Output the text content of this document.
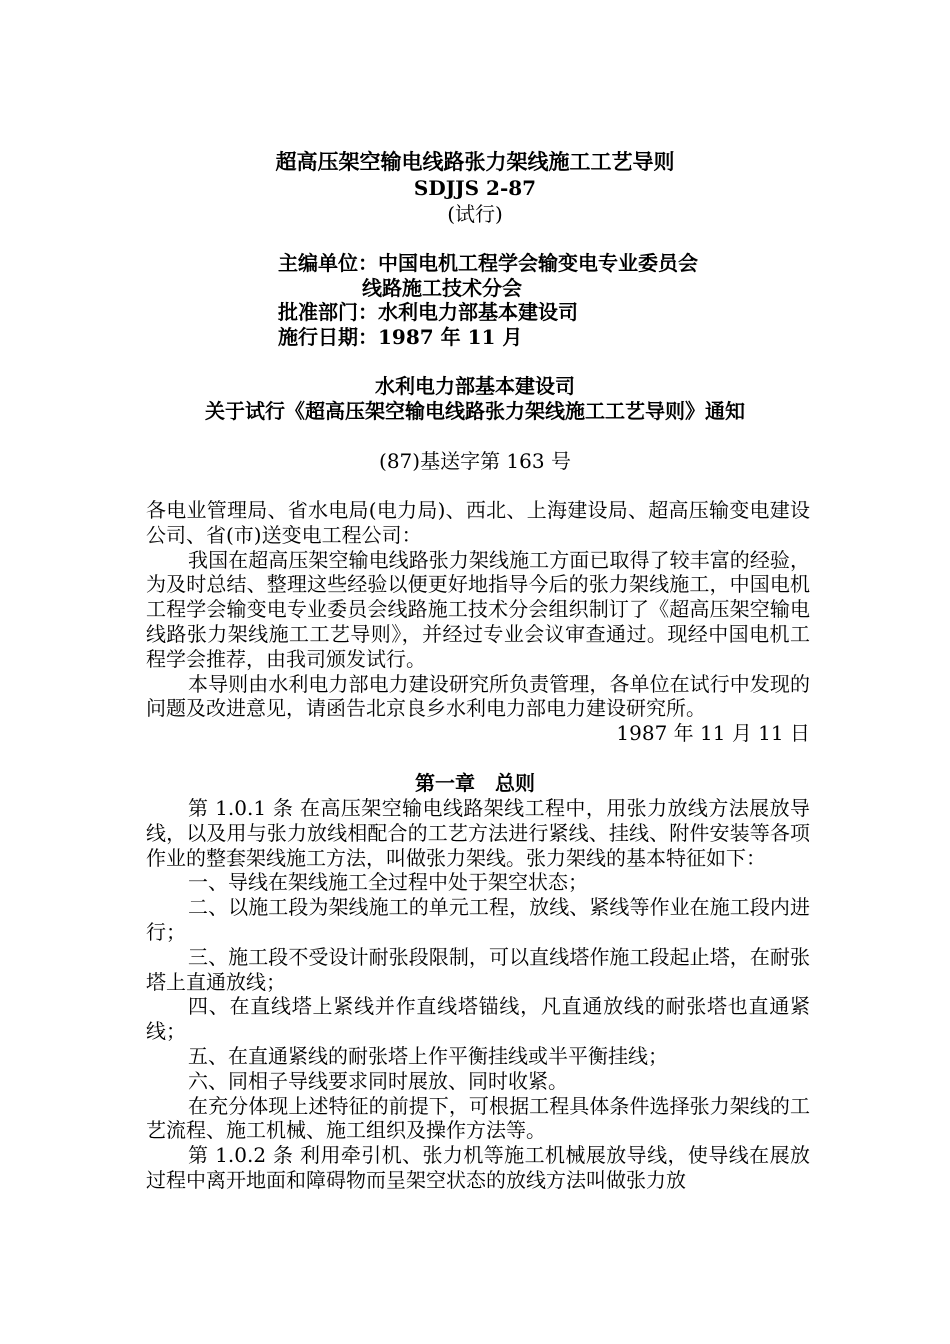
超高压架空输电线路张力架线施工工艺导则
SDJJS 2-87
(试行)
主编单位：中国电机工程学会输变电专业委员会
线路施工技术分会
批准部门：水利电力部基本建设司
施行日期：1987 年 11 月
水利电力部基本建设司
关于试行《超高压架空输电线路张力架线施工工艺导则》通知
(87)基送字第 163 号

各电业管理局、省水电局(电力局)、西北、上海建设局、超高压输变电建设公司、省(市)送变电工程公司：

我国在超高压架空输电线路张力架线施工方面已取得了较丰富的经验，为及时总结、整理这些经验以便更好地指导今后的张力架线施工，中国电机工程学会输变电专业委员会线路施工技术分会组织制订了《超高压架空输电线路张力架线施工工艺导则》，并经过专业会议审查通过。现经中国电机工程学会推荐，由我司颁发试行。

本导则由水利电力部电力建设研究所负责管理，各单位在试行中发现的问题及改进意见，请函告北京良乡水利电力部电力建设研究所。

1987 年 11 月 11 日

第一章　总则

第 1.0.1 条 在高压架空输电线路架线工程中，用张力放线方法展放导线，以及用与张力放线相配合的工艺方法进行紧线、挂线、附件安装等各项作业的整套架线施工方法，叫做张力架线。张力架线的基本特征如下：

一、导线在架线施工全过程中处于架空状态；

二、以施工段为架线施工的单元工程，放线、紧线等作业在施工段内进行；

三、施工段不受设计耐张段限制，可以直线塔作施工段起止塔，在耐张塔上直通放线；

四、在直线塔上紧线并作直线塔锚线，凡直通放线的耐张塔也直通紧线；

五、在直通紧线的耐张塔上作平衡挂线或半平衡挂线；

六、同相子导线要求同时展放、同时收紧。

在充分体现上述特征的前提下，可根据工程具体条件选择张力架线的工艺流程、施工机械、施工组织及操作方法等。

第 1.0.2 条 利用牵引机、张力机等施工机械展放导线，使导线在展放过程中离开地面和障碍物而呈架空状态的放线方法叫做张力放
